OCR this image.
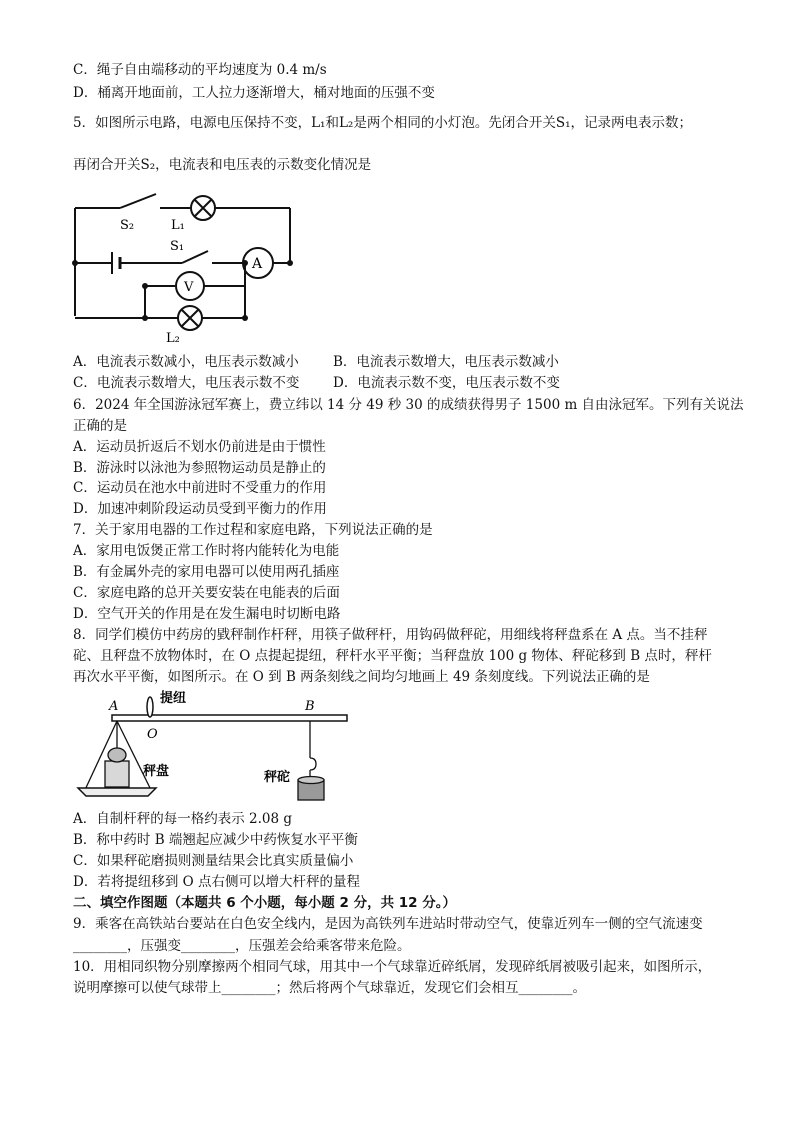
C．绳子自由端移动的平均速度为 0.4 m/s
D．桶离开地面前，工人拉力逐渐增大，桶对地面的压强不变
5．如图所示电路，电源电压保持不变，L₁和L₂是两个相同的小灯泡。先闭合开关S₁，记录两电表示数；
再闭合开关S₂，电流表和电压表的示数变化情况是
S₂	L₁
S₁
A
V
L₂
A．电流表示数减小，电压表示数减小	B．电流表示数增大，电压表示数减小
C．电流表示数增大，电压表示数不变 D．电流表示数不变，电压表示数不变
6．2024 年全国游泳冠军赛上，费立纬以 14 分 49 秒 30 的成绩获得男子 1500 m 自由泳冠军。下列有关说法
正确的是
A．运动员折返后不划水仍前进是由于惯性
B．游泳时以泳池为参照物运动员是静止的
C．运动员在池水中前进时不受重力的作用
D．加速冲刺阶段运动员受到平衡力的作用
7．关于家用电器的工作过程和家庭电路，下列说法正确的是
A．家用电饭煲正常工作时将内能转化为电能
B．有金属外壳的家用电器可以使用两孔插座
C．家庭电路的总开关要安装在电能表的后面
D．空气开关的作用是在发生漏电时切断电路
8．同学们模仿中药房的戥秤制作杆秤，用筷子做秤杆，用钩码做秤砣，用细线将秤盘系在 A 点。当不挂秤
砣、且秤盘不放物体时，在 O 点提起提纽，秤杆水平平衡；当秤盘放 100 g 物体、秤砣移到 B 点时，秤杆
再次水平平衡，如图所示。在 O 到 B 两条刻线之间均匀地画上 49 条刻度线。下列说法正确的是
A
O
B
提纽
秤盘	秤砣
A．自制杆秤的每一格约表示 2.08 g
B．称中药时 B 端翘起应减少中药恢复水平平衡
C．如果秤砣磨损则测量结果会比真实质量偏小
D．若将提纽移到 O 点右侧可以增大杆秤的量程
二、填空作图题（本题共 6 个小题，每小题 2 分，共 12 分。）
9．乘客在高铁站台要站在白色安全线内，是因为高铁列车进站时带动空气，使靠近列车一侧的空气流速变
________，压强变________，压强差会给乘客带来危险。
10．用相同织物分别摩擦两个相同气球，用其中一个气球靠近碎纸屑，发现碎纸屑被吸引起来，如图所示，
说明摩擦可以使气球带上________；然后将两个气球靠近，发现它们会相互________。
